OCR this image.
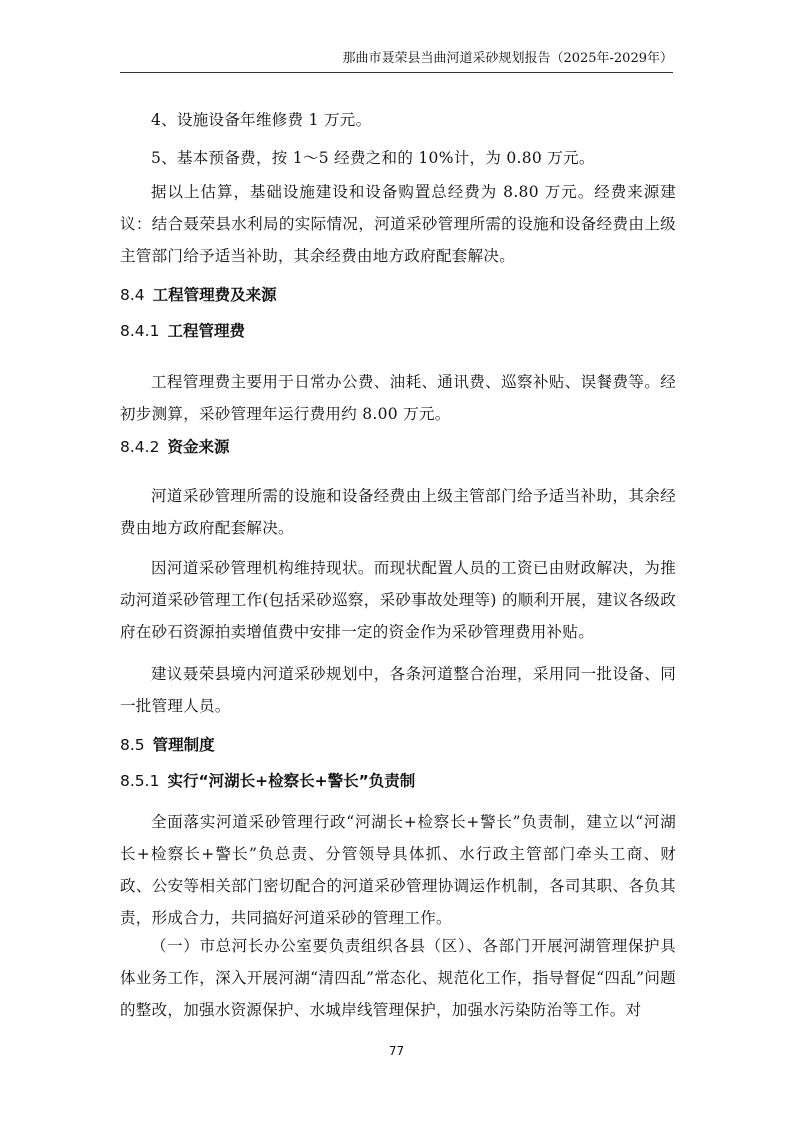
那曲市聂荣县当曲河道采砂规划报告（2025年-2029年）

4、设施设备年维修费 1 万元。

5、基本预备费，按 1～5 经费之和的 10%计，为 0.80 万元。

据以上估算，基础设施建设和设备购置总经费为 8.80 万元。经费来源建议：结合聂荣县水利局的实际情况，河道采砂管理所需的设施和设备经费由上级主管部门给予适当补助，其余经费由地方政府配套解决。

8.4 工程管理费及来源
8.4.1 工程管理费

工程管理费主要用于日常办公费、油耗、通讯费、巡察补贴、误餐费等。经初步测算，采砂管理年运行费用约 8.00 万元。

8.4.2 资金来源

河道采砂管理所需的设施和设备经费由上级主管部门给予适当补助，其余经费由地方政府配套解决。

因河道采砂管理机构维持现状。而现状配置人员的工资已由财政解决，为推动河道采砂管理工作(包括采砂巡察，采砂事故处理等) 的顺利开展，建议各级政府在砂石资源拍卖增值费中安排一定的资金作为采砂管理费用补贴。

建议聂荣县境内河道采砂规划中，各条河道整合治理，采用同一批设备、同一批管理人员。

8.5 管理制度
8.5.1 实行“河湖长+检察长+警长”负责制

全面落实河道采砂管理行政“河湖长+检察长+警长”负责制，建立以“河湖长+检察长+警长”负总责、分管领导具体抓、水行政主管部门牵头工商、财政、公安等相关部门密切配合的河道采砂管理协调运作机制，各司其职、各负其责，形成合力，共同搞好河道采砂的管理工作。

（一）市总河长办公室要负责组织各县（区）、各部门开展河湖管理保护具体业务工作，深入开展河湖“清四乱”常态化、规范化工作，指导督促“四乱”问题的整改，加强水资源保护、水城岸线管理保护，加强水污染防治等工作。对

77
